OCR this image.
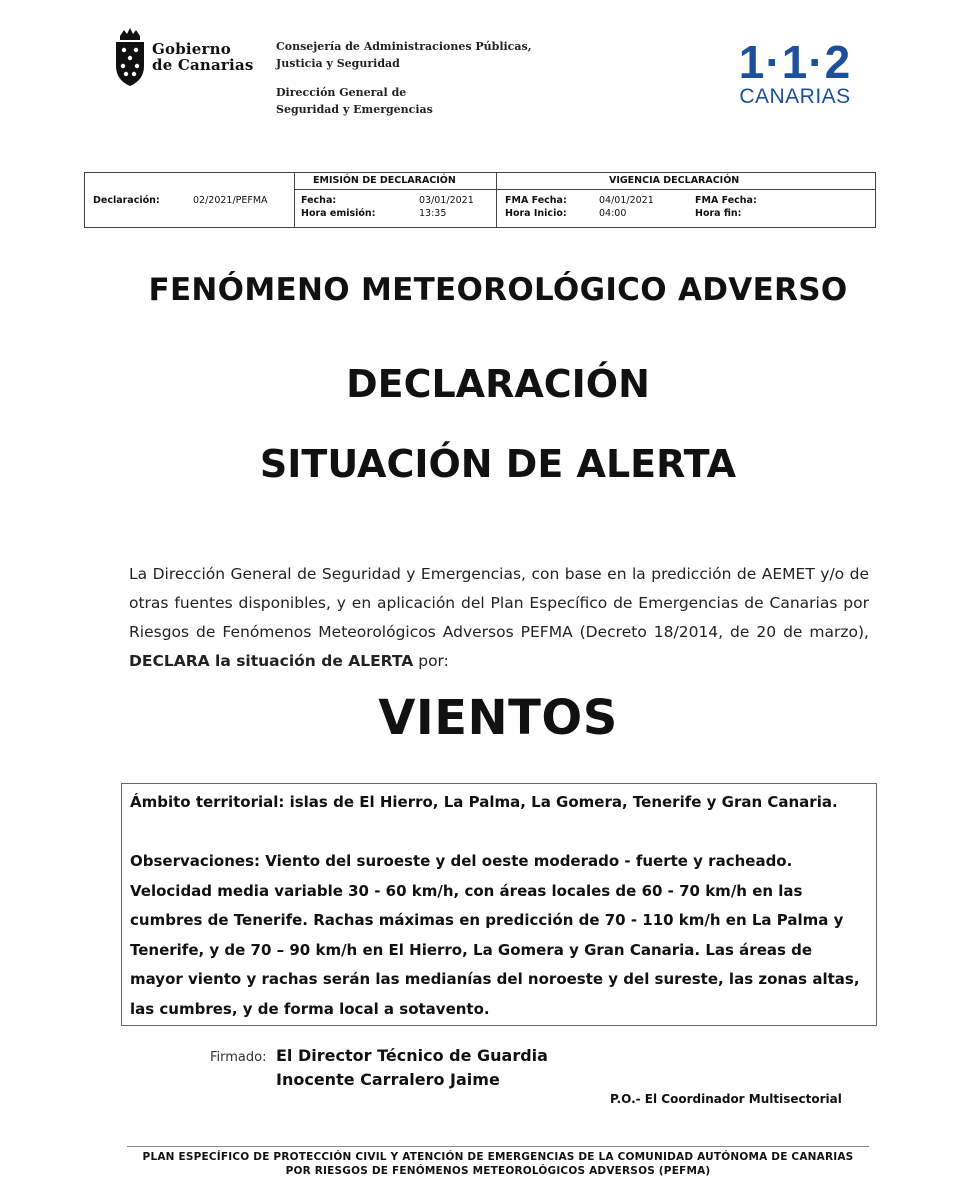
Gobierno
de Canarias
Consejería de Administraciones Públicas,
Justicia y Seguridad
Dirección General de
Seguridad y Emergencias
1·1·2
CANARIAS
Declaración:	02/2021/PEFMA
EMISIÓN DE DECLARACIÓN
Fecha:	03/01/2021
Hora emisión:	13:35
VIGENCIA DECLARACIÓN
FMA Fecha:	04/01/2021
Hora Inicio:	04:00
FMA Fecha:
Hora fin:
FENÓMENO METEOROLÓGICO ADVERSO
DECLARACIÓN
SITUACIÓN DE ALERTA
La Dirección General de Seguridad y Emergencias, con base en la predicción de AEMET y/o de otras fuentes disponibles, y en aplicación del Plan Específico de Emergencias de Canarias por Riesgos de Fenómenos Meteorológicos Adversos PEFMA (Decreto 18/2014, de 20 de marzo), DECLARA la situación de ALERTA por:
VIENTOS
Ámbito territorial: islas de El Hierro, La Palma, La Gomera, Tenerife y Gran Canaria.
Observaciones: Viento del suroeste y del oeste moderado - fuerte y racheado. Velocidad media variable 30 - 60 km/h, con áreas locales de 60 - 70 km/h en las cumbres de Tenerife. Rachas máximas en predicción de 70 - 110 km/h en La Palma y Tenerife, y de 70 – 90 km/h en El Hierro, La Gomera y Gran Canaria. Las áreas de mayor viento y rachas serán las medianías del noroeste y del sureste, las zonas altas, las cumbres, y de forma local a sotavento.
Firmado: El Director Técnico de Guardia
Inocente Carralero Jaime
P.O.- El Coordinador Multisectorial
PLAN ESPECÍFICO DE PROTECCIÓN CIVIL Y ATENCIÓN DE EMERGENCIAS DE LA COMUNIDAD AUTÓNOMA DE CANARIAS
POR RIESGOS DE FENÓMENOS METEOROLÓGICOS ADVERSOS (PEFMA)
